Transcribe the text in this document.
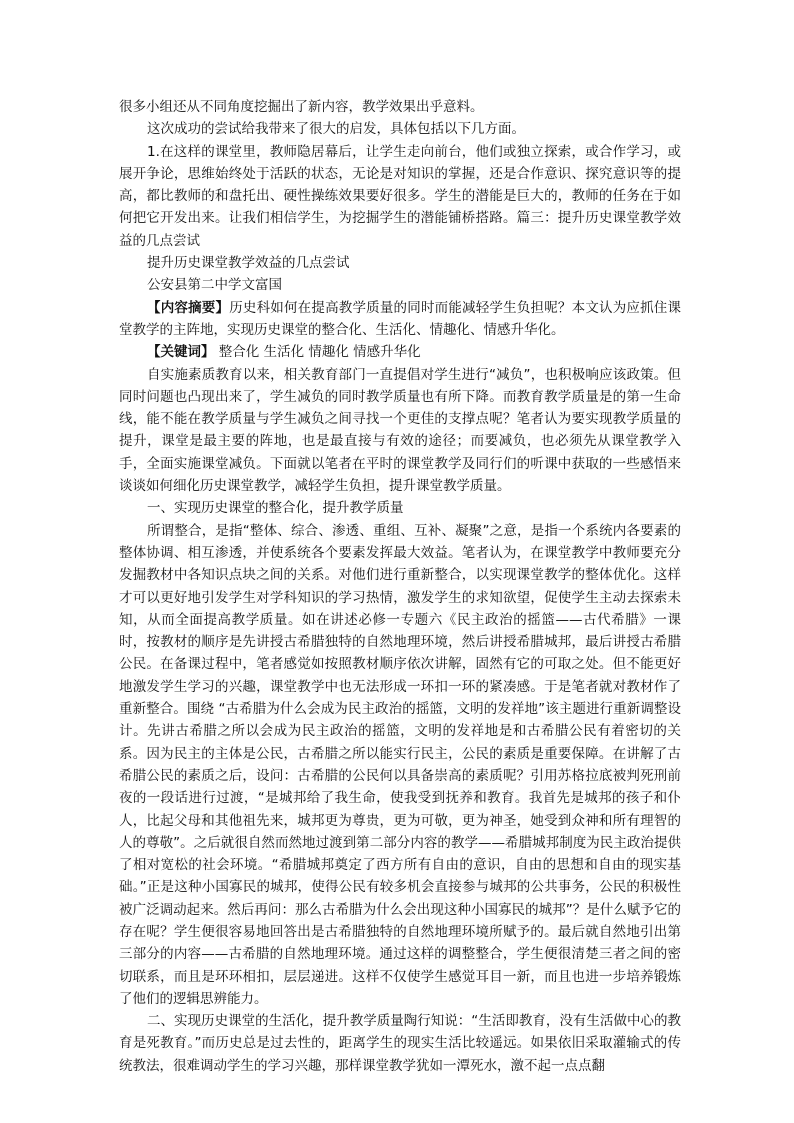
很多小组还从不同角度挖掘出了新内容，教学效果出乎意料。

这次成功的尝试给我带来了很大的启发，具体包括以下几方面。

1.在这样的课堂里，教师隐居幕后，让学生走向前台，他们或独立探索，或合作学习，或展开争论，思维始终处于活跃的状态，无论是对知识的掌握，还是合作意识、探究意识等的提高，都比教师的和盘托出、硬性操练效果要好很多。学生的潜能是巨大的，教师的任务在于如何把它开发出来。让我们相信学生，为挖掘学生的潜能铺桥搭路。篇三：提升历史课堂教学效益的几点尝试

提升历史课堂教学效益的几点尝试

公安县第二中学文富国

【内容摘要】历史科如何在提高教学质量的同时而能减轻学生负担呢？本文认为应抓住课堂教学的主阵地，实现历史课堂的整合化、生活化、情趣化、情感升华化。

【关键词】 整合化 生活化 情趣化 情感升华化

自实施素质教育以来，相关教育部门一直提倡对学生进行“减负”，也积极响应该政策。但同时问题也凸现出来了，学生减负的同时教学质量也有所下降。而教育教学质量是的第一生命线，能不能在教学质量与学生减负之间寻找一个更佳的支撑点呢？笔者认为要实现教学质量的提升，课堂是最主要的阵地，也是最直接与有效的途径；而要减负，也必须先从课堂教学入手，全面实施课堂减负。下面就以笔者在平时的课堂教学及同行们的听课中获取的一些感悟来谈谈如何细化历史课堂教学，减轻学生负担，提升课堂教学质量。

一、实现历史课堂的整合化，提升教学质量

所谓整合，是指“整体、综合、渗透、重组、互补、凝聚”之意，是指一个系统内各要素的整体协调、相互渗透，并使系统各个要素发挥最大效益。笔者认为，在课堂教学中教师要充分发掘教材中各知识点块之间的关系。对他们进行重新整合，以实现课堂教学的整体优化。这样才可以更好地引发学生对学科知识的学习热情，激发学生的求知欲望，促使学生主动去探索未知，从而全面提高教学质量。如在讲述必修一专题六《民主政治的摇篮——古代希腊》一课时，按教材的顺序是先讲授古希腊独特的自然地理环境，然后讲授希腊城邦，最后讲授古希腊公民。在备课过程中，笔者感觉如按照教材顺序依次讲解，固然有它的可取之处。但不能更好地激发学生学习的兴趣，课堂教学中也无法形成一环扣一环的紧凑感。于是笔者就对教材作了重新整合。围绕 “古希腊为什么会成为民主政治的摇篮，文明的发祥地”该主题进行重新调整设计。先讲古希腊之所以会成为民主政治的摇篮，文明的发祥地是和古希腊公民有着密切的关系。因为民主的主体是公民，古希腊之所以能实行民主，公民的素质是重要保障。在讲解了古希腊公民的素质之后，设问：古希腊的公民何以具备崇高的素质呢？引用苏格拉底被判死刑前夜的一段话进行过渡，“是城邦给了我生命，使我受到抚养和教育。我首先是城邦的孩子和仆人，比起父母和其他祖先来，城邦更为尊贵，更为可敬，更为神圣，她受到众神和所有理智的人的尊敬”。之后就很自然而然地过渡到第二部分内容的教学——希腊城邦制度为民主政治提供了相对宽松的社会环境。“希腊城邦奠定了西方所有自由的意识，自由的思想和自由的现实基础。”正是这种小国寡民的城邦，使得公民有较多机会直接参与城邦的公共事务，公民的积极性被广泛调动起来。然后再问：那么古希腊为什么会出现这种小国寡民的城邦”？是什么赋予它的存在呢？学生便很容易地回答出是古希腊独特的自然地理环境所赋予的。最后就自然地引出第三部分的内容——古希腊的自然地理环境。通过这样的调整整合，学生便很清楚三者之间的密切联系，而且是环环相扣，层层递进。这样不仅使学生感觉耳目一新，而且也进一步培养锻炼了他们的逻辑思辨能力。

二、实现历史课堂的生活化，提升教学质量陶行知说：“生活即教育，没有生活做中心的教育是死教育。”而历史总是过去性的，距离学生的现实生活比较遥远。如果依旧采取灌输式的传统教法，很难调动学生的学习兴趣，那样课堂教学犹如一潭死水，激不起一点点翻
